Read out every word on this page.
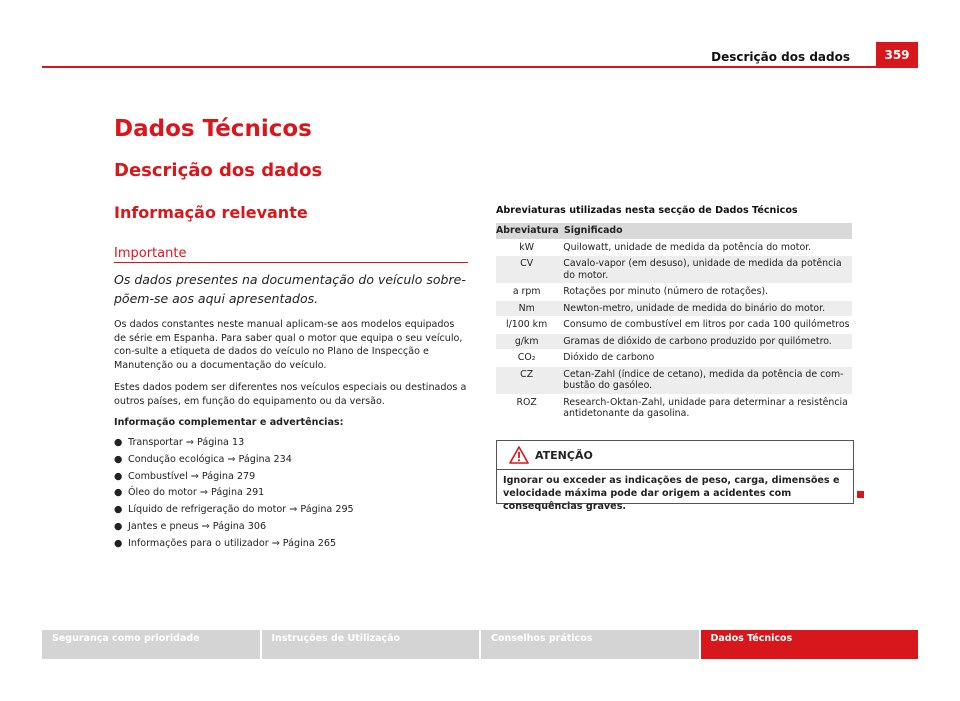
Descrição dos dados	359
Dados Técnicos
Descrição dos dados
Informação relevante
Importante
Os dados presentes na documentação do veículo sobre-põem-se aos aqui apresentados.
Os dados constantes neste manual aplicam-se aos modelos equipados de série em Espanha. Para saber qual o motor que equipa o seu veículo, con-sulte a etiqueta de dados do veículo no Plano de Inspecção e Manutenção ou a documentação do veículo.
Estes dados podem ser diferentes nos veículos especiais ou destinados a outros países, em função do equipamento ou da versão.
Informação complementar e advertências:
● Transportar ⇒ Página 13
● Condução ecológica ⇒ Página 234
● Combustível ⇒ Página 279
● Óleo do motor ⇒ Página 291
● Líquido de refrigeração do motor ⇒ Página 295
● Jantes e pneus ⇒ Página 306
● Informações para o utilizador ⇒ Página 265
Abreviaturas utilizadas nesta secção de Dados Técnicos
Abreviatura Significado
kW	Quilowatt, unidade de medida da potência do motor.
CV	Cavalo-vapor (em desuso), unidade de medida da potência do motor.
a rpm	Rotações por minuto (número de rotações).
Nm	Newton-metro, unidade de medida do binário do motor.
l/100 km	Consumo de combustível em litros por cada 100 quilómetros
g/km	Gramas de dióxido de carbono produzido por quilómetro.
CO₂	Dióxido de carbono
CZ	Cetan-Zahl (índice de cetano), medida da potência de com-bustão do gasóleo.
ROZ	Research-Oktan-Zahl, unidade para determinar a resistência antidetonante da gasolina.
ATENÇÃO
Ignorar ou exceder as indicações de peso, carga, dimensões e velocidade máxima pode dar origem a acidentes com consequências graves.
Segurança como prioridade	Instruções de Utilização	Conselhos práticos	Dados Técnicos
